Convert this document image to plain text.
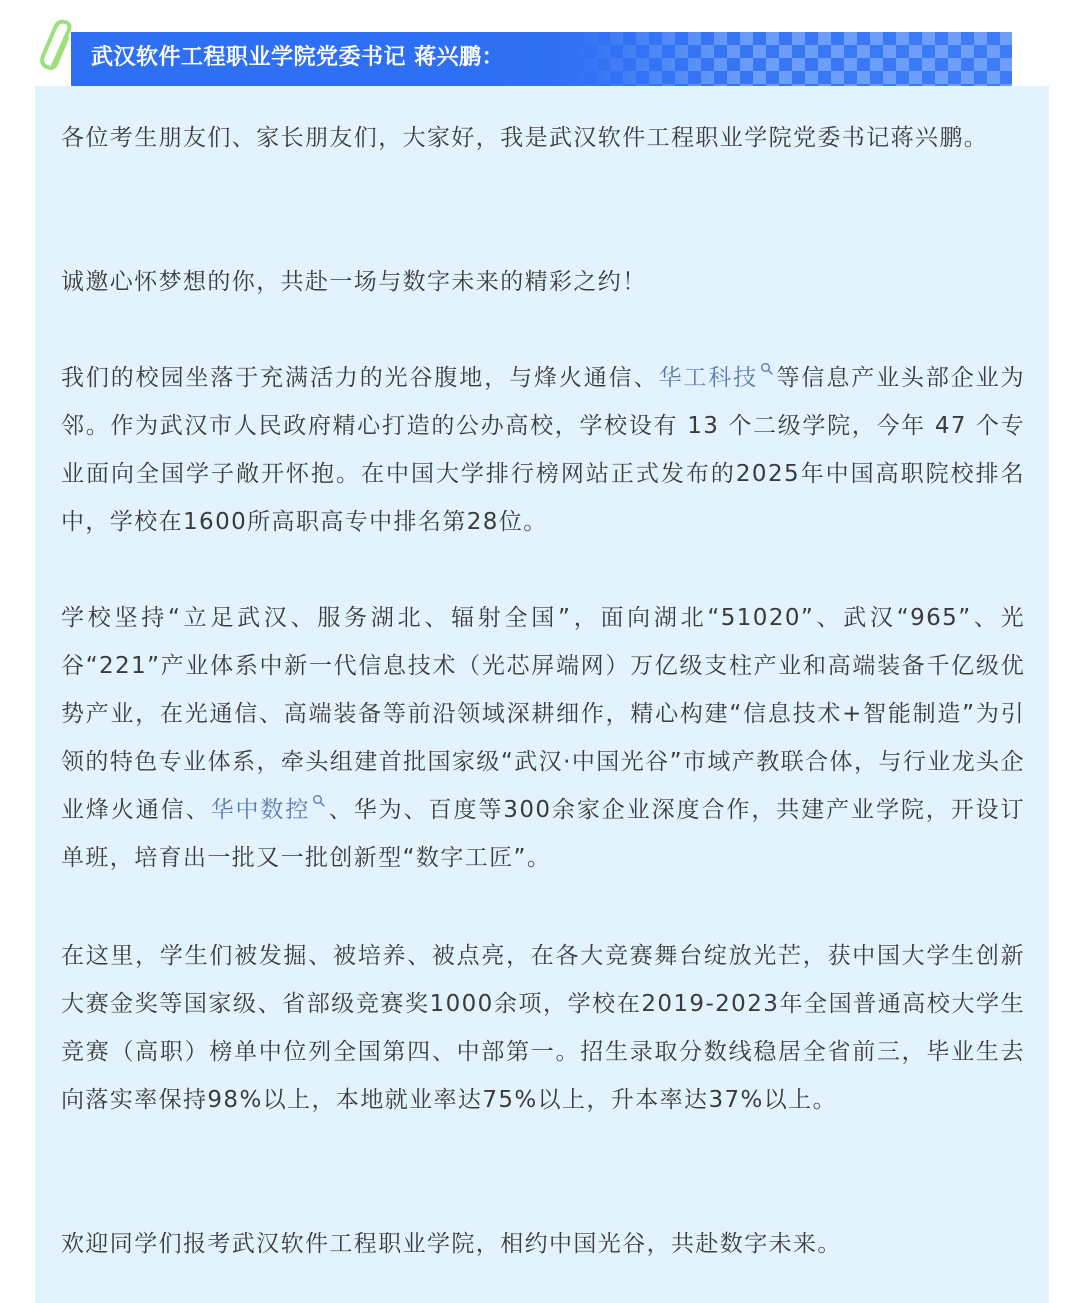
武汉软件工程职业学院党委书记 蒋兴鹏：

各位考生朋友们、家长朋友们，大家好，我是武汉软件工程职业学院党委书记蒋兴鹏。

诚邀心怀梦想的你，共赴一场与数字未来的精彩之约！

我们的校园坐落于充满活力的光谷腹地，与烽火通信、华工科技 等信息产业头部企业为邻。作为武汉市人民政府精心打造的公办高校，学校设有 13 个二级学院，今年 47 个专业面向全国学子敞开怀抱。在中国大学排行榜网站正式发布的2025年中国高职院校排名中，学校在1600所高职高专中排名第28位。

学校坚持“立足武汉、服务湖北、辐射全国”，面向湖北“51020”、武汉“965”、光谷“221”产业体系中新一代信息技术（光芯屏端网）万亿级支柱产业和高端装备千亿级优势产业，在光通信、高端装备等前沿领域深耕细作，精心构建“信息技术+智能制造”为引领的特色专业体系，牵头组建首批国家级“武汉·中国光谷”市域产教联合体，与行业龙头企业烽火通信、华中数控 、华为、百度等300余家企业深度合作，共建产业学院，开设订单班，培育出一批又一批创新型“数字工匠”。

在这里，学生们被发掘、被培养、被点亮，在各大竞赛舞台绽放光芒，获中国大学生创新大赛金奖等国家级、省部级竞赛奖1000余项，学校在2019-2023年全国普通高校大学生竞赛（高职）榜单中位列全国第四、中部第一。招生录取分数线稳居全省前三，毕业生去向落实率保持98%以上，本地就业率达75%以上，升本率达37%以上。

欢迎同学们报考武汉软件工程职业学院，相约中国光谷，共赴数字未来。
